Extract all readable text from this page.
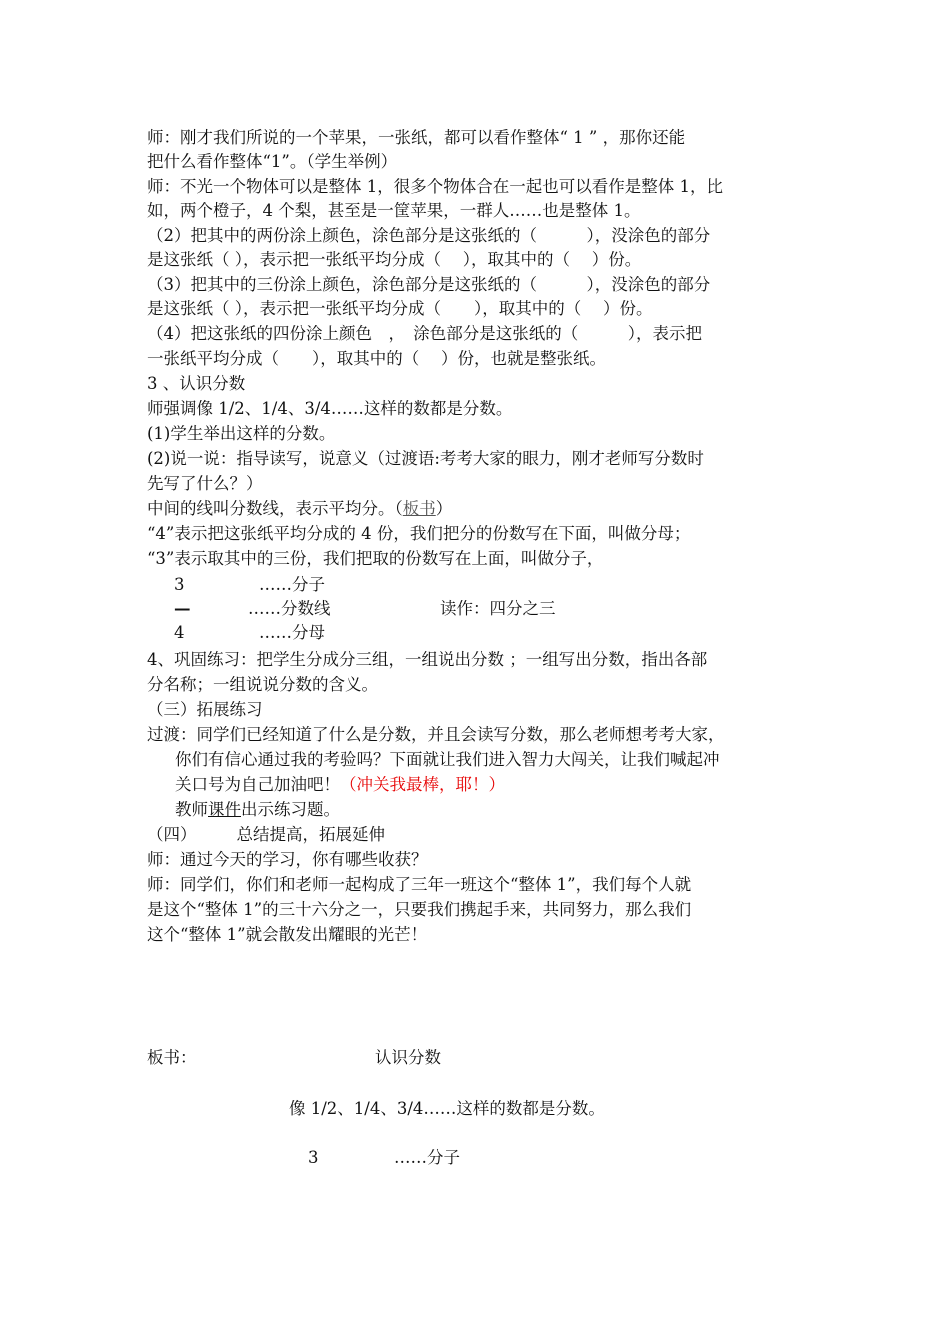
师：刚才我们所说的一个苹果，一张纸，都可以看作整体“ 1 ” ，那你还能
把什么看作整体“1”。（学生举例）
师：不光一个物体可以是整体 1，很多个物体合在一起也可以看作是整体 1，比
如，两个橙子，4 个梨，甚至是一筐苹果，一群人……也是整体 1。
（2）把其中的两份涂上颜色，涂色部分是这张纸的（　　　），没涂色的部分
是这张纸（ ），表示把一张纸平均分成（　 ），取其中的（　 ）份。
（3）把其中的三份涂上颜色，涂色部分是这张纸的（　　　），没涂色的部分
是这张纸（ ），表示把一张纸平均分成（　　），取其中的（　 ）份。
（4）把这张纸的四份涂上颜色　，　涂色部分是这张纸的（　　　），表示把
一张纸平均分成（　　），取其中的（　 ）份，也就是整张纸。
3 、认识分数
师强调像 1/2、1/4、3/4……这样的数都是分数。
(1)学生举出这样的分数。
(2)说一说：指导读写，说意义（过渡语:考考大家的眼力，刚才老师写分数时
先写了什么？）
中间的线叫分数线，表示平均分。（板书）
“4”表示把这张纸平均分成的 4 份，我们把分的份数写在下面，叫做分母；
“3”表示取其中的三份，我们把取的份数写在上面，叫做分子，
3	……分子
—	……分数线	读作：四分之三
4	……分母
4、巩固练习：把学生分成分三组，一组说出分数 ；一组写出分数，指出各部
分名称；一组说说分数的含义。
（三）拓展练习
过渡：同学们已经知道了什么是分数，并且会读写分数，那么老师想考考大家，
你们有信心通过我的考验吗？下面就让我们进入智力大闯关，让我们喊起冲
关口号为自己加油吧！（冲关我最棒，耶！）
教师课件出示练习题。
（四） 总结提高，拓展延伸
师：通过今天的学习，你有哪些收获？
师：同学们，你们和老师一起构成了三年一班这个“整体 1”，我们每个人就
是这个“整体 1”的三十六分之一，只要我们携起手来，共同努力，那么我们
这个“整体 1”就会散发出耀眼的光芒！
板书：	认识分数
像 1/2、1/4、3/4……这样的数都是分数。
3	……分子
